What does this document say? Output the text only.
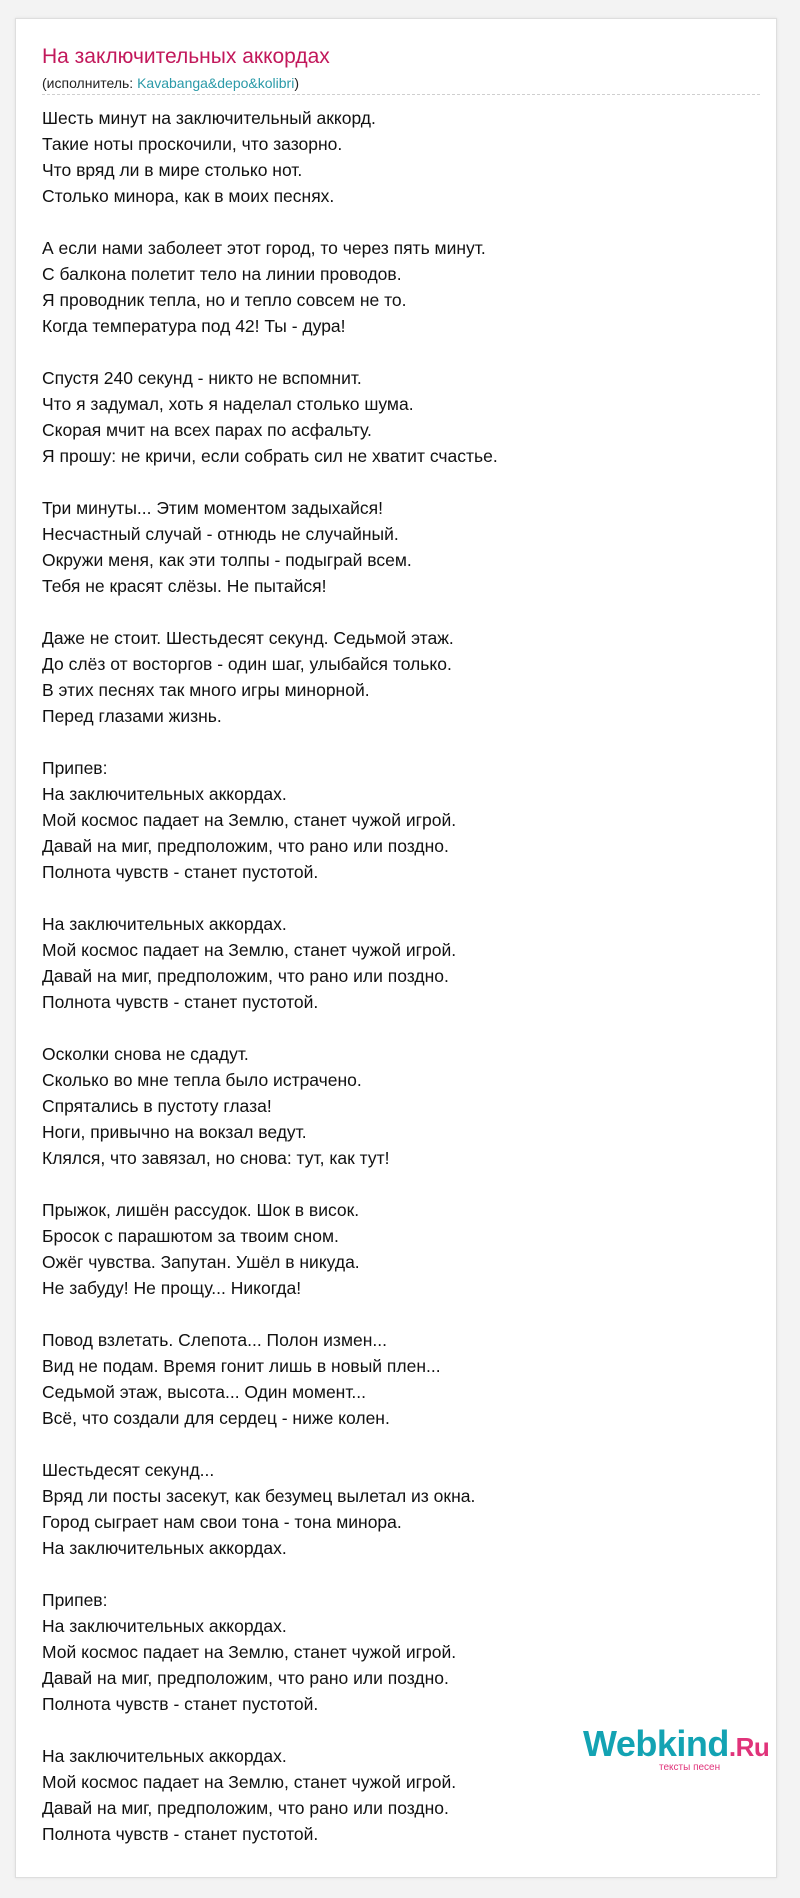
На заключительных аккордах
(исполнитель: Kavabanga&depo&kolibri)
Шесть минут на заключительный аккорд.
Такие ноты проскочили, что зазорно.
Что вряд ли в мире столько нот.
Столько минора, как в моих песнях.
А если нами заболеет этот город, то через пять минут.
С балкона полетит тело на линии проводов.
Я проводник тепла, но и тепло совсем не то.
Когда температура под 42! Ты - дура!
Спустя 240 секунд - никто не вспомнит.
Что я задумал, хоть я наделал столько шума.
Скорая мчит на всех парах по асфальту.
Я прошу: не кричи, если собрать сил не хватит счастье.
Три минуты... Этим моментом задыхайся!
Несчастный случай - отнюдь не случайный.
Окружи меня, как эти толпы - подыграй всем.
Тебя не красят слёзы. Не пытайся!
Даже не стоит. Шестьдесят секунд. Седьмой этаж.
До слёз от восторгов - один шаг, улыбайся только.
В этих песнях так много игры минорной.
Перед глазами жизнь.
Припев:
На заключительных аккордах.
Мой космос падает на Землю, станет чужой игрой.
Давай на миг, предположим, что рано или поздно.
Полнота чувств - станет пустотой.
На заключительных аккордах.
Мой космос падает на Землю, станет чужой игрой.
Давай на миг, предположим, что рано или поздно.
Полнота чувств - станет пустотой.
Осколки снова не сдадут.
Сколько во мне тепла было истрачено.
Спрятались в пустоту глаза!
Ноги, привычно на вокзал ведут.
Клялся, что завязал, но снова: тут, как тут!
Прыжок, лишён рассудок. Шок в висок.
Бросок с парашютом за твоим сном.
Ожёг чувства. Запутан. Ушёл в никуда.
Не забуду! Не прощу... Никогда!
Повод взлетать. Слепота... Полон измен...
Вид не подам. Время гонит лишь в новый плен...
Седьмой этаж, высота... Один момент...
Всё, что создали для сердец - ниже колен.
Шестьдесят секунд...
Вряд ли посты засекут, как безумец вылетал из окна.
Город сыграет нам свои тона - тона минора.
На заключительных аккордах.
Припев:
На заключительных аккордах.
Мой космос падает на Землю, станет чужой игрой.
Давай на миг, предположим, что рано или поздно.
Полнота чувств - станет пустотой.
На заключительных аккордах.
Мой космос падает на Землю, станет чужой игрой.
Давай на миг, предположим, что рано или поздно.
Полнота чувств - станет пустотой.
Webkind.Ru
тексты песен
